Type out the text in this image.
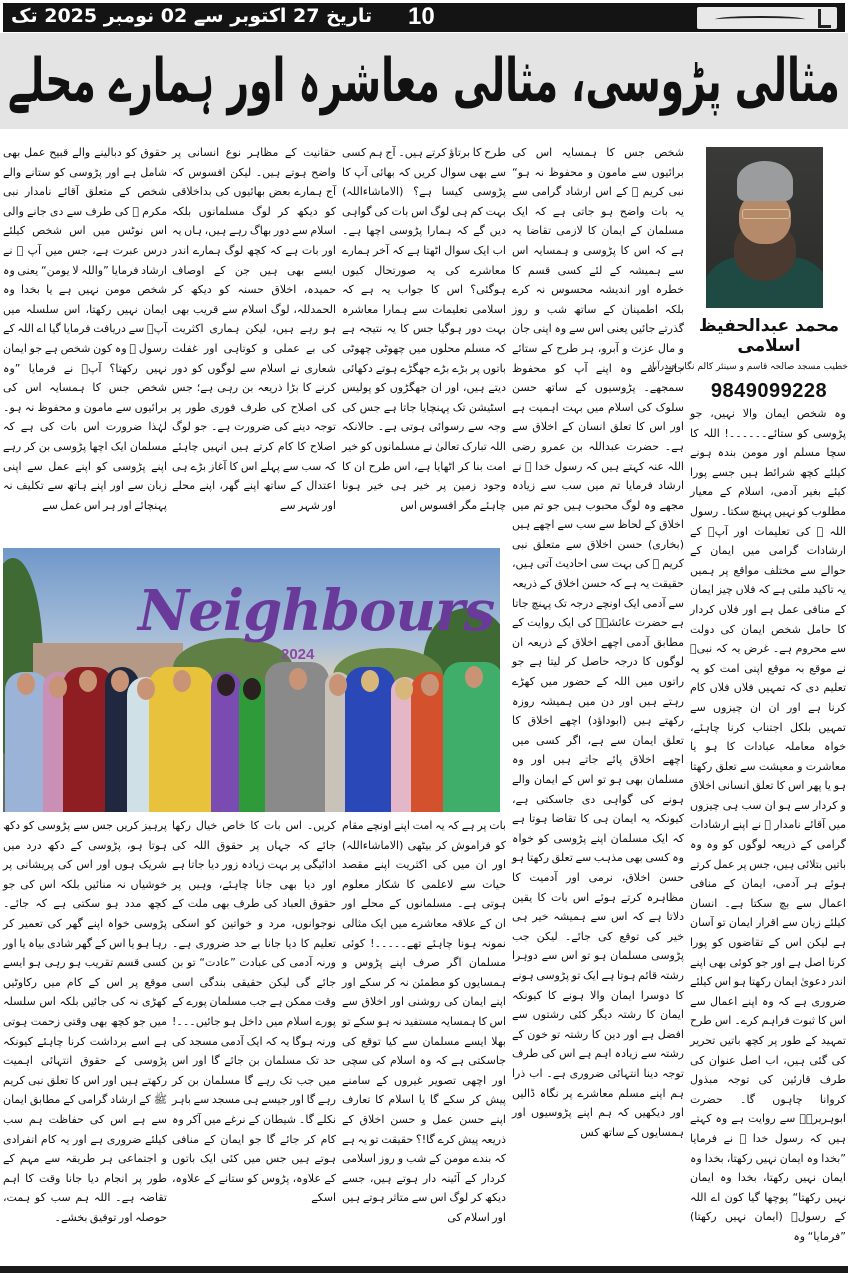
تاریخ 27 اکتوبر سے 02 نومبر 2025 تک 10
مثالی پڑوسی، مثالی معاشرہ اور ہمارے محلے
محمد عبدالحفیظ اسلامی
خطیب مسجد صالحہ قاسم و سینئر کالم نگار حیدرآباد
9849099228

وہ شخص ایمان والا نہیں، جو پڑوسی کو ستائے۔۔۔۔۔۔! اللہ کا سچا مسلم اور مومن بندہ ہونے کیلئے کچھ شرائط ہیں جسے پورا کیئے بغیر آدمی، اسلام کے معیار مطلوب کو نہیں پہنچ سکتا۔ رسول اللہ ﷺ کی تعلیمات اور آپؐ کے ارشادات گرامی میں ایمان کے حوالے سے مختلف مواقع پر ہمیں یہ تاکید ملتی ہے کہ فلاں چیز ایمان کے منافی عمل ہے اور فلاں کردار کا حامل شخص ایمان کی دولت سے محروم ہے۔ غرض یہ کہ نبیؐ نے موقع بہ موقع اپنی امت کو یہ تعلیم دی کہ تمہیں فلاں فلاں کام کرنا ہے اور ان ان چیزوں سے تمہیں بلکل اجتناب کرنا چاہئے، خواہ معاملہ عبادات کا ہو یا معاشرت و معیشت سے تعلق رکھتا ہو یا پھر اس کا تعلق انسانی اخلاق و کردار سے ہو ان سب ہی چیزوں میں آقائے نامدار ﷺ نے اپنے ارشادات گرامی کے ذریعہ لوگوں کو وہ وہ باتیں بتلائی ہیں، جس پر عمل کرتے ہوئے ہر آدمی، ایمان کے منافی اعمال سے بچ سکتا ہے۔ انسان کیلئے زبان سے اقرار ایمان تو آسان ہے لیکن اس کے تقاضوں کو پورا کرنا اصل ہے اور جو کوئی بھی اپنے اندر دعویٰ ایمان رکھتا ہو اس کیلئے ضروری ہے کہ وہ اپنے اعمال سے اس کا ثبوت فراہم کرے۔ اس طرح تمہید کے طور پر کچھ باتیں تحریر کی گئی ہیں، اب اصل عنوان کی طرف قارئین کی توجہ مبذول کروانا چاہوں گا۔ حضرت ابوہریرہؓ سے روایت ہے وہ کہتے ہیں کہ رسول خدا ﷺ نے فرمایا ”بخدا وہ ایمان نہیں رکھتا، بخدا وہ ایمان نہیں رکھتا، بخدا وہ ایمان نہیں رکھتا“ پوچھا گیا کون اے اللہ کے رسولؐ (ایمان نہیں رکھتا) ”فرمایا“ وہ

شخص جس کا ہمسایہ اس کی برائیوں سے مامون و محفوظ نہ ہو“ نبی کریم ﷺ کے اس ارشاد گرامی سے یہ بات واضح ہو جاتی ہے کہ ایک مسلمان کے ایمان کا لازمی تقاضا یہ ہے کہ اس کا پڑوسی و ہمسایہ اس سے ہمیشہ کے لئے کسی قسم کا خطرہ اور اندیشہ محسوس نہ کرے بلکہ اطمینان کے ساتھ شب و روز گذرتے جائیں یعنی اس سے وہ اپنی جان و مال عزت و آبرو، ہر طرح کے ستائے جانے سے وہ اپنے آپ کو محفوظ سمجھے۔ پڑوسیوں کے ساتھ حسن سلوک کی اسلام میں بہت اہمیت ہے اور اس کا تعلق انسان کے اخلاق سے ہے۔ حضرت عبداللہ بن عمرو رضی اللہ عنہ کہتے ہیں کہ رسول خدا ﷺ نے ارشاد فرمایا تم میں سب سے زیادہ مجھے وہ لوگ محبوب ہیں جو تم میں اخلاق کے لحاظ سے سب سے اچھے ہیں (بخاری) حسن اخلاق سے متعلق نبی کریم ﷺ کی بہت سی احادیث آتی ہیں، حقیقت یہ ہے کہ حسن اخلاق کے ذریعہ سے آدمی ایک اونچے درجہ تک پہنچ جاتا ہے حضرت عائشہؓ کی ایک روایت کے مطابق آدمی اچھے اخلاق کے ذریعہ ان لوگوں کا درجہ حاصل کر لیتا ہے جو راتوں میں اللہ کے حضور میں کھڑے رہتے ہیں اور دن میں ہمیشہ روزہ رکھتے ہیں (ابوداؤد) اچھے اخلاق کا تعلق ایمان سے ہے، اگر کسی میں اچھے اخلاق پائے جاتے ہیں اور وہ مسلمان بھی ہو تو اس کے ایمان والے ہونے کی گواہی دی جاسکتی ہے، کیونکہ یہ ایمان ہی کا تقاضا ہوتا ہے کہ ایک مسلمان اپنے پڑوسی کو خواہ وہ کسی بھی مذہب سے تعلق رکھتا ہو حسن اخلاق، نرمی اور آدمیت کا مظاہرہ کرتے ہوئے اس بات کا یقین دلاتا ہے کہ اس سے ہمیشہ خیر ہی خیر کی توقع کی جائے۔ لیکن جب پڑوسی مسلمان ہو تو اس سے دوہرا رشتہ قائم ہوتا ہے ایک تو پڑوسی ہونے کا دوسرا ایمان والا ہونے کا کیونکہ ایمان کا رشتہ دیگر کئی رشتوں سے افضل ہے اور دین کا رشتہ تو خون کے رشتہ سے زیادہ اہم ہے اس کی طرف توجہ دینا انتہائی ضروری ہے۔ اب ذرا ہم اپنے مسلم معاشرے پر نگاہ ڈالیں اور دیکھیں کہ ہم اپنے پڑوسیوں اور ہمسایوں کے ساتھ کس

طرح کا برتاؤ کرتے ہیں۔ آج ہم کسی سے بھی سوال کریں کہ بھائی آپ کا پڑوسی کیسا ہے؟ (الاماشاءاللہ) بہت کم ہی لوگ اس بات کی گواہی دیں گے کہ ہمارا پڑوسی اچھا ہے۔ اب ایک سوال اٹھتا ہے کہ آخر ہمارے معاشرے کی یہ صورتحال کیوں ہوگئی؟ اس کا جواب یہ ہے کہ اسلامی تعلیمات سے ہمارا معاشرہ بہت دور ہوگیا جس کا یہ نتیجہ ہے کہ مسلم محلوں میں چھوٹی چھوٹی باتوں پر بڑے بڑے جھگڑے ہوتے دکھائی دیتے ہیں، اور ان جھگڑوں کو پولیس اسٹیشن تک پہنچایا جاتا ہے جس کی وجہ سے رسوائی ہوتی ہے۔ حالانکہ اللہ تبارک تعالیٰ نے مسلمانوں کو خیر امت بنا کر اٹھایا ہے، اس طرح ان کا وجود زمین پر خیر ہی خیر ہونا چاہئے مگر افسوس اس

حقانیت کے مظاہر نوع انسانی پر واضح ہوتے ہیں۔ لیکن افسوس کہ آج ہمارے بعض بھائیوں کی بداخلاقی کو دیکھ کر لوگ مسلمانوں بلکہ اسلام سے دور بھاگ رہے ہیں، ہاں یہ اور بات ہے کہ کچھ لوگ ہمارے اندر ایسے بھی ہیں جن کے اوصاف حمیدہ، اخلاق حسنہ کو دیکھ کر الحمدللہ، لوگ اسلام سے قریب بھی ہو رہے ہیں، لیکن ہماری اکثریت کی بے عملی و کوتاہی اور غفلت شعاری نے اسلام سے لوگوں کو دور کرنے کا بڑا ذریعہ بن رہی ہے؛ جس کی اصلاح کی طرف فوری طور پر توجہ دینے کی ضرورت ہے۔ جو لوگ اصلاح کا کام کرتے ہیں انہیں چاہئے کہ سب سے پہلے اس کا آغاز بڑے ہی اعتدال کے ساتھ اپنے گھر، اپنے محلے اور شہر سے

حقوق کو دبالینے والے قبیح عمل بھی شامل ہے اور پڑوسی کو ستانے والے شخص کے متعلق آقائے نامدار نبی مکرم ﷺ کی طرف سے دی جانے والی اس نوٹس میں اس شخص کیلئے درس عبرت ہے، جس میں آپ ﷺ نے ارشاد فرمایا ”واللہ لا یومن“ یعنی وہ شخص مومن نہیں ہے یا بخدا وہ ایمان نہیں رکھتا، اس سلسلہ میں آپؐ سے دریافت فرمایا گیا اے اللہ کے رسول ﷺ وہ کون شخص ہے جو ایمان نہیں رکھتا؟ آپؐ نے فرمایا ”وہ شخص جس کا ہمسایہ اس کی برائیوں سے مامون و محفوظ نہ ہو۔ لہٰذا ضرورت اس بات کی ہے کہ مسلمان ایک اچھا پڑوسی بن کر رہے اپنے پڑوسی کو اپنے عمل سے اپنی زبان سے اور اپنے ہاتھ سے تکلیف نہ پہنچائے اور ہر اس عمل سے

Neighbours
2024

بات پر ہے کہ یہ امت اپنے اونچے مقام کو فراموش کر بیٹھی (الاماشاءاللہ) اور ان میں کی اکثریت اپنے مقصد حیات سے لاعلمی کا شکار معلوم ہوتی ہے۔ مسلمانوں کے محلے اور ان کے علاقہ معاشرے میں ایک مثالی نمونہ ہونا چاہئے تھے۔۔۔۔۔! کوئی مسلمان اگر صرف اپنے پڑوس و ہمسایوں کو مطمئن نہ کر سکے اور اپنے ایمان کی روشنی اور اخلاق سے اس کا ہمسایہ مستفید نہ ہو سکے تو بھلا ایسے مسلمان سے کیا توقع کی جاسکتی ہے کہ وہ اسلام کی سچی اور اچھی تصویر غیروں کے سامنے پیش کر سکے گا یا اسلام کا تعارف اپنے حسن عمل و حسن اخلاق کے ذریعہ پیش کرے گا!؟ حقیقت تو یہ ہے کہ بندے مومن کے شب و روز اسلامی کردار کے آئینہ دار ہوتے ہیں، جسے دیکھ کر لوگ اس سے متاثر ہوتے ہیں اور اسلام کی

کریں۔ اس بات کا خاص خیال رکھا جائے کہ جہاں پر حقوق اللہ کی ادائیگی پر بہت زیادہ زور دیا جاتا ہے اور دیا بھی جانا چاہئے، وہیں پر حقوق العباد کی طرف بھی ملت کے نوجوانوں، مرد و خواتین کو اسکی تعلیم کا دیا جانا بے حد ضروری ہے۔ ورنہ آدمی کی عبادت ”عادت“ تو بن جائے گی لیکن حقیقی بندگی اسی وقت ممکن ہے جب مسلمان پورے کے پورے اسلام میں داخل ہو جائیں۔۔۔! ورنہ ہوگا یہ کہ ایک آدمی مسجد کی حد تک مسلمان بن جائے گا اور اس میں جب تک رہے گا مسلمان بن کر رہے گا اور جیسے ہی مسجد سے باہر نکلے گا۔ شیطان کے نرغے میں آکر وہ کام کر جائے گا جو ایمان کے منافی ہوتے ہیں جس میں کئی ایک باتوں کے علاوہ، پڑوس کو ستانے کے علاوہ، اسکے

پرہیز کریں جس سے پڑوسی کو دکھ ہوتا ہو، پڑوسی کے دکھ درد میں شریک ہوں اور اس کی پریشانی پر خوشیاں نہ منائیں بلکہ اس کی جو کچھ مدد ہو سکتی ہے کہ جائے۔ پڑوسی خواہ اپنے گھر کی تعمیر کر رہا ہو یا اس کے گھر شادی بیاہ یا اور کسی قسم تقریب ہو رہی ہو ایسے موقع پر اس کے کام میں رکاوٹیں کھڑی نہ کی جائیں بلکہ اس سلسلہ میں جو کچھ بھی وقتی زحمت ہوتی ہے اسے برداشت کرنا چاہئے کیونکہ پڑوسی کے حقوق انتہائی اہمیت رکھتے ہیں اور اس کا تعلق نبی کریم ﷺ کے ارشاد گرامی کے مطابق ایمان سے ہے اس کی حفاظت ہم سب کیلئے ضروری ہے اور یہ کام انفرادی و اجتماعی ہر طریقہ سے مہم کے طور پر انجام دیا جانا وقت کا اہم تقاضہ ہے۔ اللہ ہم سب کو ہمت، حوصلہ اور توفیق بخشے۔
